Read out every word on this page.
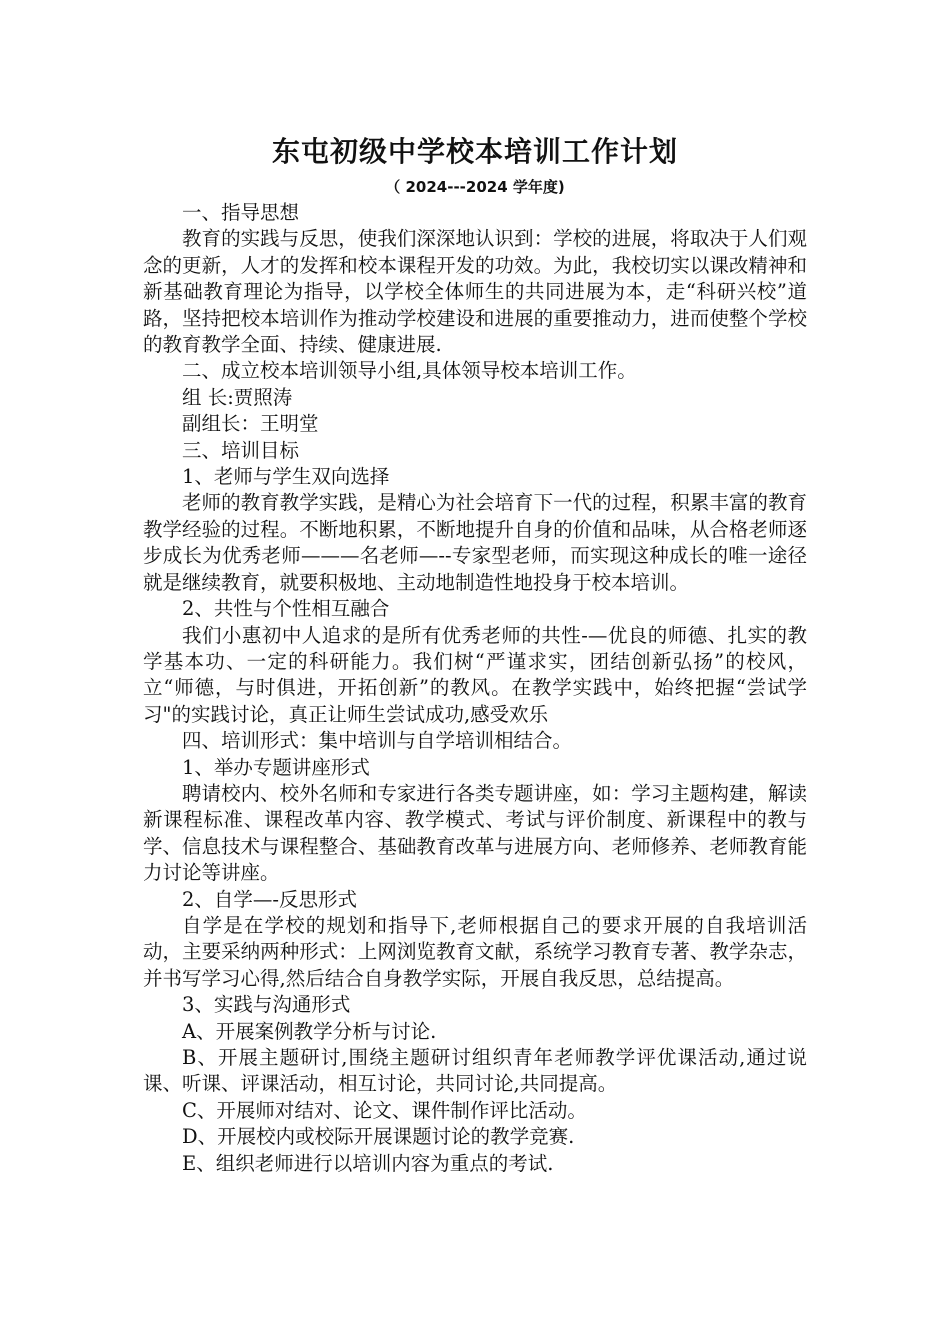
东屯初级中学校本培训工作计划
（ 2024---2024 学年度)

一、指导思想

教育的实践与反思，使我们深深地认识到：学校的进展，将取决于人们观念的更新，人才的发挥和校本课程开发的功效。为此，我校切实以课改精神和新基础教育理论为指导，以学校全体师生的共同进展为本，走“科研兴校”道路，坚持把校本培训作为推动学校建设和进展的重要推动力，进而使整个学校的教育教学全面、持续、健康进展.

二、成立校本培训领导小组,具体领导校本培训工作。

组 长:贾照涛

副组长：王明堂

三、培训目标

1、老师与学生双向选择

老师的教育教学实践，是精心为社会培育下一代的过程，积累丰富的教育教学经验的过程。不断地积累，不断地提升自身的价值和品味，从合格老师逐步成长为优秀老师———名老师—--专家型老师，而实现这种成长的唯一途径就是继续教育，就要积极地、主动地制造性地投身于校本培训。

2、共性与个性相互融合

我们小惠初中人追求的是所有优秀老师的共性-—优良的师德、扎实的教学基本功、一定的科研能力。我们树“严谨求实，团结创新弘扬”的校风，立“师德，与时俱进，开拓创新”的教风。在教学实践中，始终把握“尝试学习"的实践讨论，真正让师生尝试成功,感受欢乐

四、培训形式：集中培训与自学培训相结合。

1、举办专题讲座形式

聘请校内、校外名师和专家进行各类专题讲座，如：学习主题构建，解读新课程标准、课程改革内容、教学模式、考试与评价制度、新课程中的教与学、信息技术与课程整合、基础教育改革与进展方向、老师修养、老师教育能力讨论等讲座。

2、自学—-反思形式

自学是在学校的规划和指导下,老师根据自己的要求开展的自我培训活动，主要采纳两种形式：上网浏览教育文献，系统学习教育专著、教学杂志，并书写学习心得,然后结合自身教学实际，开展自我反思，总结提高。

3、实践与沟通形式

A、开展案例教学分析与讨论.

B、开展主题研讨,围绕主题研讨组织青年老师教学评优课活动,通过说课、听课、评课活动，相互讨论，共同讨论,共同提高。

C、开展师对结对、论文、课件制作评比活动。

D、开展校内或校际开展课题讨论的教学竞赛.

E、组织老师进行以培训内容为重点的考试.
